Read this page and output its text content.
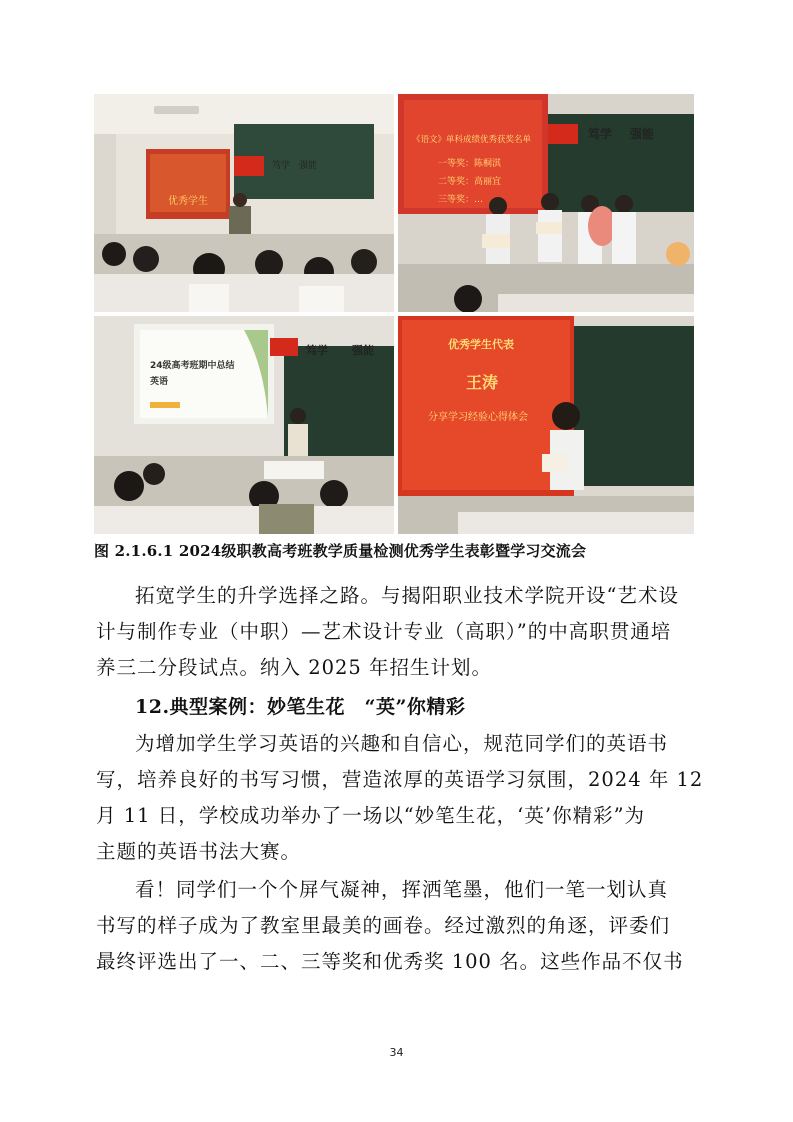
优秀学生
笃学 强能
《语文》单科成绩优秀获奖名单
一等奖：陈桐淇
二等奖：高丽宜
三等奖：…
笃学 强能
24级高考班期中总结
英语
笃学 强能	优秀学生代表
王涛
分享学习经验心得体会
图 2.1.6.1 2024级职教高考班教学质量检测优秀学生表彰暨学习交流会
拓宽学生的升学选择之路。与揭阳职业技术学院开设“艺术设
计与制作专业（中职）—艺术设计专业（高职）”的中高职贯通培
养三二分段试点。纳入 2025 年招生计划。
12.典型案例：妙笔生花　“英”你精彩
为增加学生学习英语的兴趣和自信心，规范同学们的英语书
写，培养良好的书写习惯，营造浓厚的英语学习氛围，2024 年 12
月 11 日，学校成功举办了一场以“妙笔生花，‘英’你精彩”为
主题的英语书法大赛。
看！同学们一个个屏气凝神，挥洒笔墨，他们一笔一划认真
书写的样子成为了教室里最美的画卷。经过激烈的角逐，评委们
最终评选出了一、二、三等奖和优秀奖 100 名。这些作品不仅书
34
